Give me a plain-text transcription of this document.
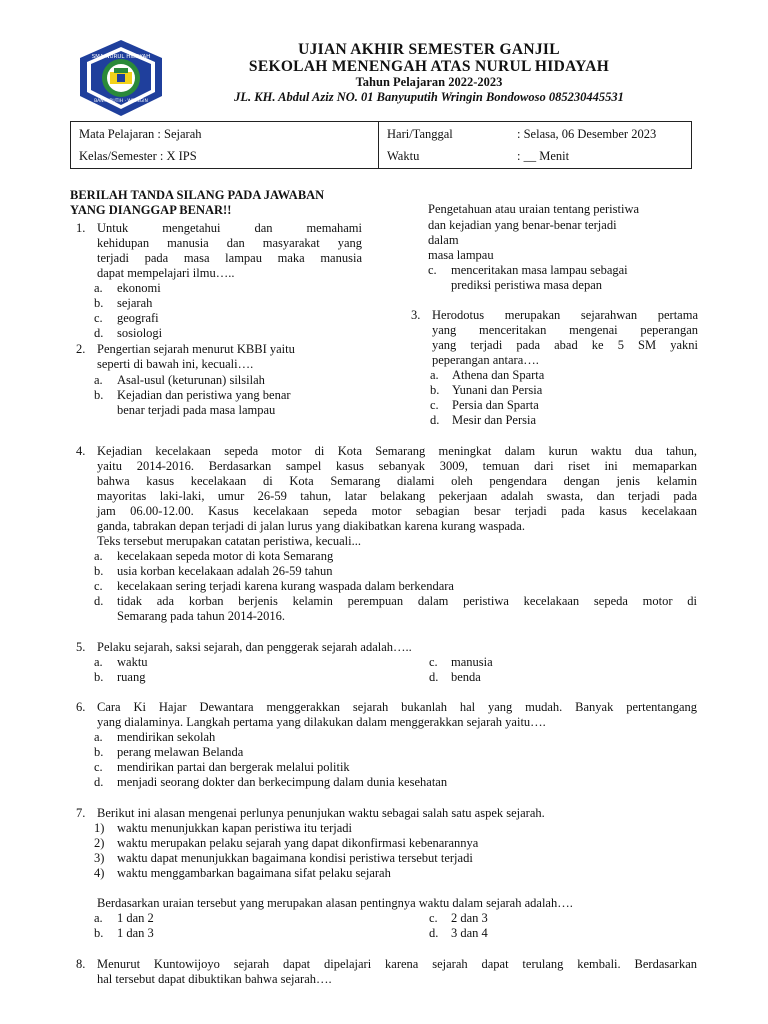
SMA NURUL HIDAYAH
BANYUPUTIH · WRINGIN
UJIAN AKHIR SEMESTER GANJIL
SEKOLAH MENENGAH ATAS NURUL HIDAYAH
Tahun Pelajaran 2022-2023
JL. KH. Abdul Aziz NO. 01 Banyuputih Wringin Bondowoso 085230445531
Mata Pelajaran : Sejarah
Kelas/Semester : X IPS
Hari/Tanggal	: Selasa, 06 Desember 2023
Waktu	: __ Menit
BERILAH TANDA SILANG PADA JAWABAN
YANG DIANGGAP BENAR!!
1. Untuk mengetahui dan memahami
kehidupan manusia dan masyarakat yang
terjadi pada masa lampau maka manusia
dapat mempelajari ilmu…..
a. ekonomi
b. sejarah
c. geografi
d. sosiologi
2. Pengertian sejarah menurut KBBI yaitu
seperti di bawah ini, kecuali….
a. Asal-usul (keturunan) silsilah
b. Kejadian dan peristiwa yang benar
benar terjadi pada masa lampau
Pengetahuan atau uraian tentang peristiwa
dan kejadian yang benar-benar terjadi
dalam
masa lampau
c. menceritakan masa lampau sebagai
prediksi peristiwa masa depan
3. Herodotus merupakan sejarahwan pertama
yang menceritakan mengenai peperangan
yang terjadi pada abad ke 5 SM yakni
peperangan antara….
a. Athena dan Sparta
b. Yunani dan Persia
c. Persia dan Sparta
d. Mesir dan Persia
4. Kejadian kecelakaan sepeda motor di Kota Semarang meningkat dalam kurun waktu dua tahun,
yaitu 2014-2016. Berdasarkan sampel kasus sebanyak 3009, temuan dari riset ini memaparkan
bahwa kasus kecelakaan di Kota Semarang dialami oleh pengendara dengan jenis kelamin
mayoritas laki-laki, umur 26-59 tahun, latar belakang pekerjaan adalah swasta, dan terjadi pada
jam 06.00-12.00. Kasus kecelakaan sepeda motor sebagian besar terjadi pada kasus kecelakaan
ganda, tabrakan depan terjadi di jalan lurus yang diakibatkan karena kurang waspada.
Teks tersebut merupakan catatan peristiwa, kecuali...
a. kecelakaan sepeda motor di kota Semarang
b. usia korban kecelakaan adalah 26-59 tahun
c. kecelakaan sering terjadi karena kurang waspada dalam berkendara
d. tidak ada korban berjenis kelamin perempuan dalam peristiwa kecelakaan sepeda motor di
Semarang pada tahun 2014-2016.
5. Pelaku sejarah, saksi sejarah, dan penggerak sejarah adalah…..
a. waktu
b. ruang
c. manusia
d. benda
6. Cara Ki Hajar Dewantara menggerakkan sejarah bukanlah hal yang mudah. Banyak pertentangang
yang dialaminya. Langkah pertama yang dilakukan dalam menggerakkan sejarah yaitu….
a. mendirikan sekolah
b. perang melawan Belanda
c. mendirikan partai dan bergerak melalui politik
d. menjadi seorang dokter dan berkecimpung dalam dunia kesehatan
7. Berikut ini alasan mengenai perlunya penunjukan waktu sebagai salah satu aspek sejarah.
1) waktu menunjukkan kapan peristiwa itu terjadi
2) waktu merupakan pelaku sejarah yang dapat dikonfirmasi kebenarannya
3) waktu dapat menunjukkan bagaimana kondisi peristiwa tersebut terjadi
4) waktu menggambarkan bagaimana sifat pelaku sejarah
Berdasarkan uraian tersebut yang merupakan alasan pentingnya waktu dalam sejarah adalah….
a. 1 dan 2
b. 1 dan 3
c. 2 dan 3
d. 3 dan 4
8. Menurut Kuntowijoyo sejarah dapat dipelajari karena sejarah dapat terulang kembali. Berdasarkan
hal tersebut dapat dibuktikan bahwa sejarah….
